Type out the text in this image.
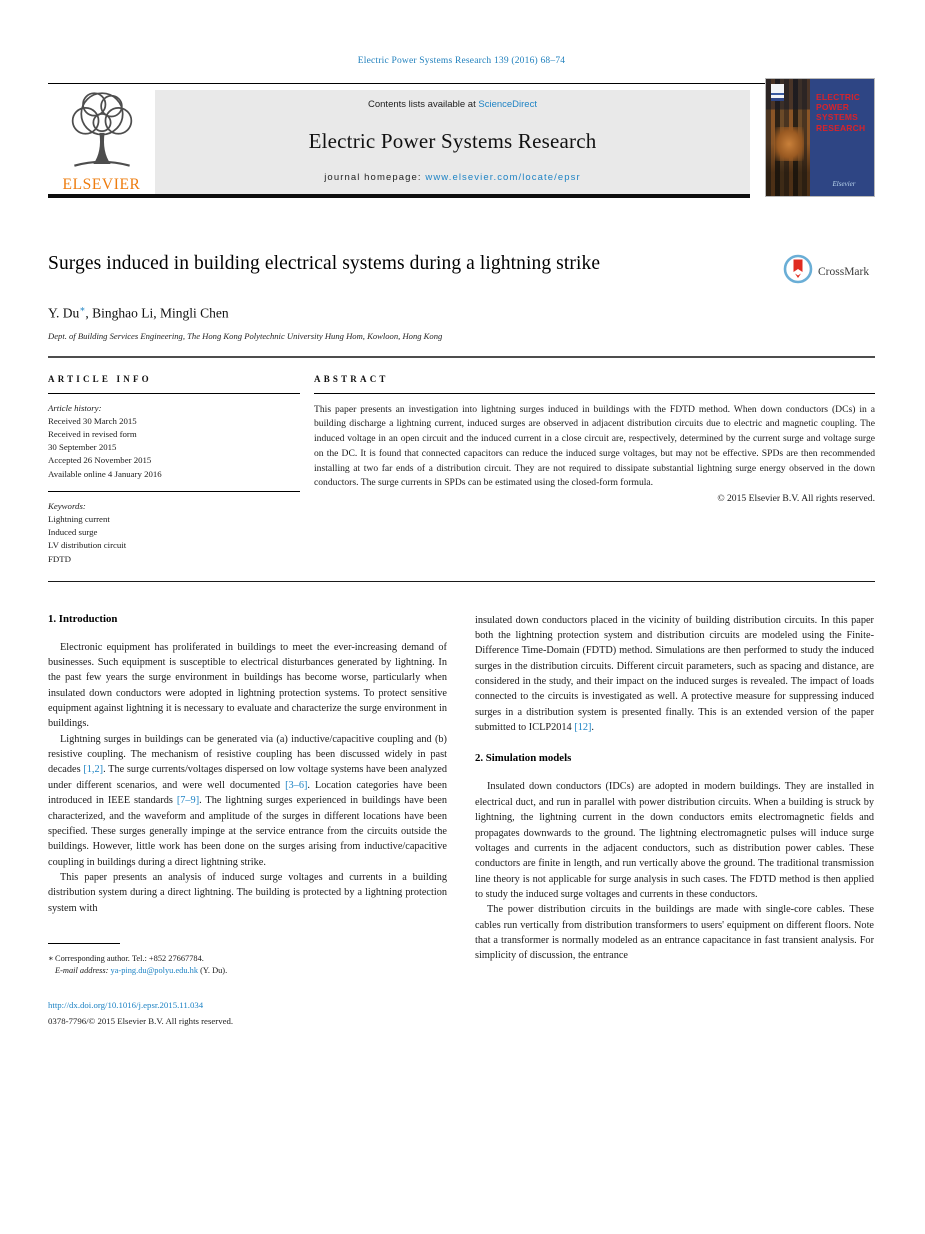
Electric Power Systems Research 139 (2016) 68–74
ELSEVIER
Contents lists available at ScienceDirect
Electric Power Systems Research
journal homepage: www.elsevier.com/locate/epsr
ELECTRIC POWER SYSTEMS RESEARCH
Elsevier
Surges induced in building electrical systems during a lightning strike	CrossMark
Y. Du∗, Binghao Li, Mingli Chen
Dept. of Building Services Engineering, The Hong Kong Polytechnic University Hung Hom, Kowloon, Hong Kong
ARTICLE INFO
Article history:
Received 30 March 2015
Received in revised form
30 September 2015
Accepted 26 November 2015
Available online 4 January 2016
Keywords:
Lightning current
Induced surge
LV distribution circuit
FDTD
ABSTRACT

This paper presents an investigation into lightning surges induced in buildings with the FDTD method. When down conductors (DCs) in a building discharge a lightning current, induced surges are observed in adjacent distribution circuits due to electric and magnetic coupling. The induced voltage in an open circuit and the induced current in a close circuit are, respectively, determined by the current surge and voltage surge on the DC. It is found that connected capacitors can reduce the induced surge voltages, but may not be effective. SPDs are then recommended installing at two far ends of a distribution circuit. They are not required to dissipate substantial lightning surge energy observed in the down conductors. The surge currents in SPDs can be estimated using the closed-form formula.

© 2015 Elsevier B.V. All rights reserved.
1. Introduction

Electronic equipment has proliferated in buildings to meet the ever-increasing demand of businesses. Such equipment is susceptible to electrical disturbances generated by lightning. In the past few years the surge environment in buildings has become worse, particularly when insulated down conductors were adopted in lightning protection systems. To protect sensitive equipment against lightning it is necessary to evaluate and characterize the surge environment in buildings.

Lightning surges in buildings can be generated via (a) inductive/capacitive coupling and (b) resistive coupling. The mechanism of resistive coupling has been discussed widely in past decades [1,2]. The surge currents/voltages dispersed on low voltage systems have been analyzed under different scenarios, and were well documented [3–6]. Location categories have been introduced in IEEE standards [7–9]. The lightning surges experienced in buildings have been characterized, and the waveform and amplitude of the surges in different locations have been specified. These surges generally impinge at the service entrance from the circuits outside the buildings. However, little work has been done on the surges arising from inductive/capacitive coupling in buildings during a direct lightning strike.

This paper presents an analysis of induced surge voltages and currents in a building distribution system during a direct lightning. The building is protected by a lightning protection system with

∗Corresponding author. Tel.: +852 27667784.
E-mail address: ya-ping.du@polyu.edu.hk (Y. Du).
http://dx.doi.org/10.1016/j.epsr.2015.11.034
0378-7796/© 2015 Elsevier B.V. All rights reserved.

insulated down conductors placed in the vicinity of building distribution circuits. In this paper both the lightning protection system and distribution circuits are modeled using the Finite-Difference Time-Domain (FDTD) method. Simulations are then performed to study the induced surges in the distribution circuits. Different circuit parameters, such as spacing and distance, are considered in the study, and their impact on the induced surges is revealed. The impact of loads connected to the circuits is investigated as well. A protective measure for suppressing induced surges in a distribution system is presented finally. This is an extended version of the paper submitted to ICLP2014 [12].

2. Simulation models

Insulated down conductors (IDCs) are adopted in modern buildings. They are installed in electrical duct, and run in parallel with power distribution circuits. When a building is struck by lightning, the lightning current in the down conductors emits electromagnetic fields and propagates downwards to the ground. The lightning electromagnetic pulses will induce surge voltages and currents in the adjacent conductors, such as distribution power cables. These conductors are finite in length, and run vertically above the ground. The traditional transmission line theory is not applicable for surge analysis in such cases. The FDTD method is then applied to study the induced surge voltages and currents in these conductors.

The power distribution circuits in the buildings are made with single-core cables. These cables run vertically from distribution transformers to users' equipment on different floors. Note that a transformer is normally modeled as an entrance capacitance in fast transient analysis. For simplicity of discussion, the entrance
